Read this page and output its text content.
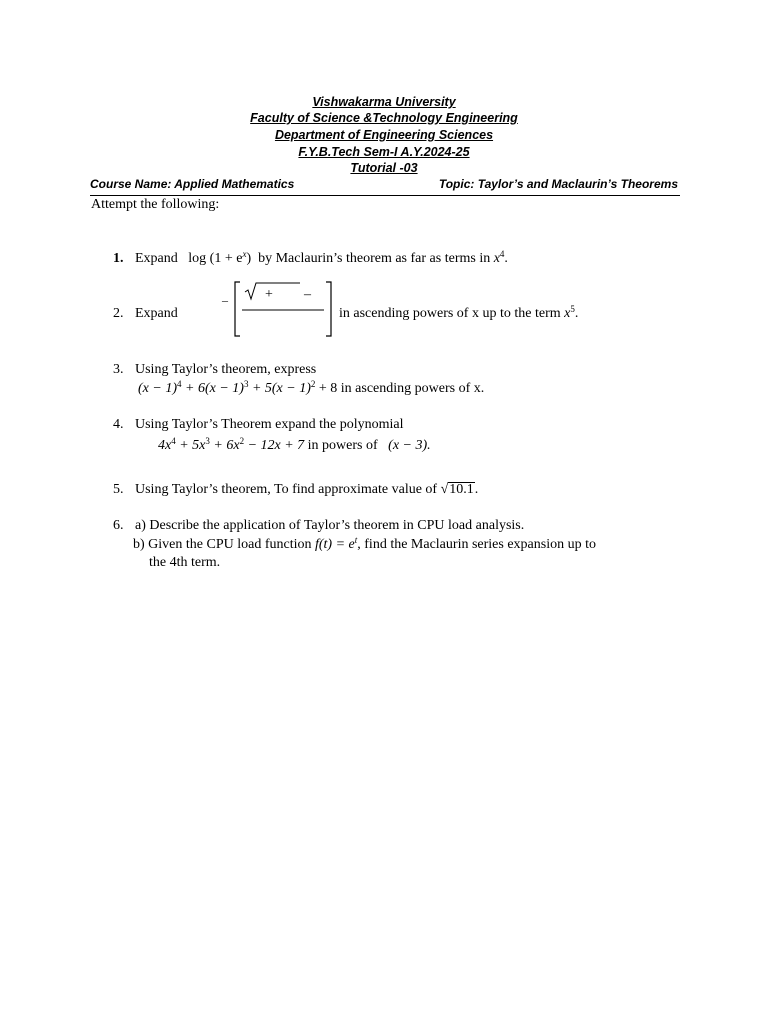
Vishwakarma University
Faculty of Science &Technology Engineering
Department of Engineering Sciences
F.Y.B.Tech Sem-I A.Y.2024-25
Tutorial -03
Course Name: Applied Mathematics	Topic: Taylor’s and Maclaurin’s Theorems
Attempt the following:
1. Expand $\log (1 + e^x)$ by Maclaurin’s theorem as far as terms in $x^4$.
2. Expand
–	+ –
in ascending powers of x up to the term $x^5$.
3. Using Taylor’s theorem, express
$(x - 1)^4 + 6(x - 1)^3 + 5(x - 1)^2 + 8$ in ascending powers of x.
4. Using Taylor’s Theorem expand the polynomial
$4x^4 + 5x^3 + 6x^2 - 12x + 7$ in powers of (x − 3).
5. Using Taylor’s theorem, To find approximate value of √10.1.
6. a) Describe the application of Taylor’s theorem in CPU load analysis.
b) Given the CPU load function $f(t) = e^t$, find the Maclaurin series expansion up to
the 4th term.
